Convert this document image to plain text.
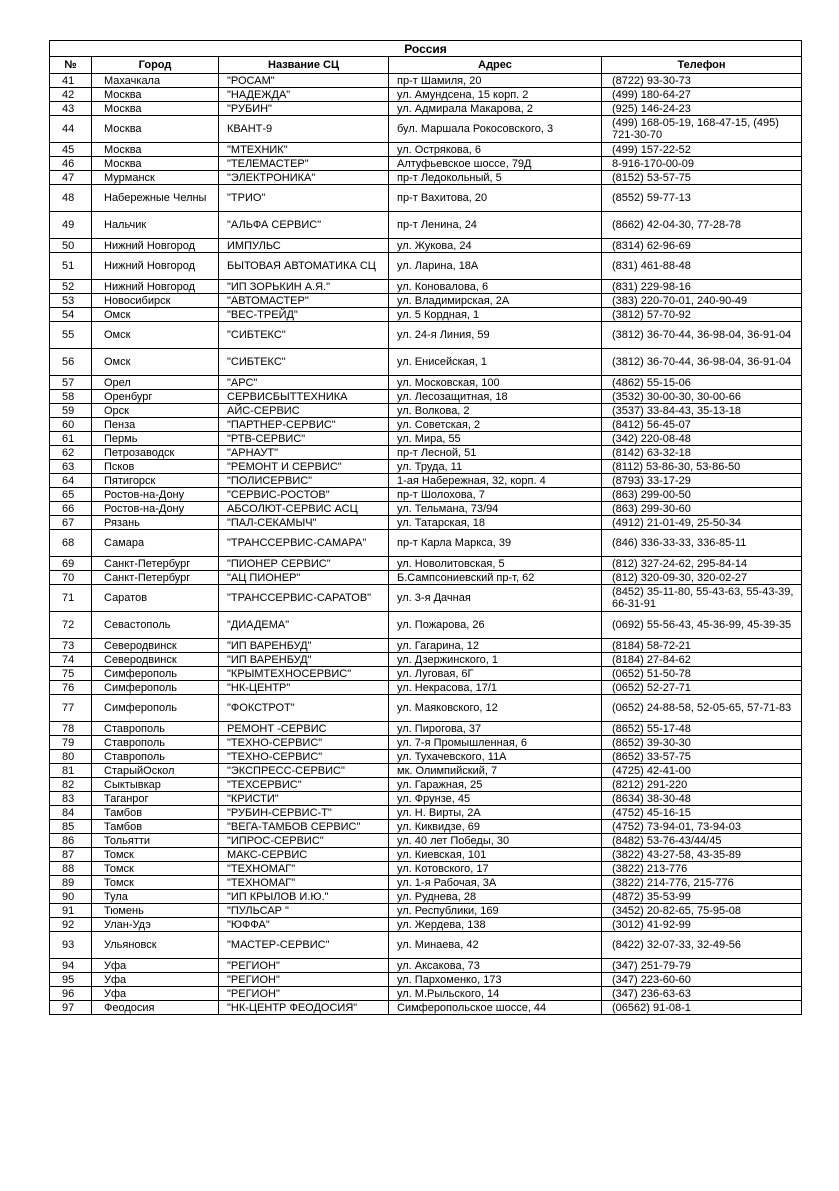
Россия				
№	Город	Название СЦ	Адрес	Телефон
41	Махачкала	"РОСАМ"	пр-т Шамиля, 20	(8722) 93-30-73
42	Москва	"НАДЕЖДА"	ул. Амундсена, 15 корп. 2	(499) 180-64-27
43	Москва	"РУБИН"	ул. Адмирала Макарова, 2	(925) 146-24-23
44	Москва	КВАНТ-9	бул. Маршала Рокосовского, 3	(499) 168-05-19, 168-47-15, (495) 721-30-70
45	Москва	"МТЕХНИК"	ул. Острякова, 6	(499) 157-22-52
46	Москва	"ТЕЛЕМАСТЕР"	Алтуфьевское шоссе, 79Д	8-916-170-00-09
47	Мурманск	"ЭЛЕКТРОНИКА"	пр-т Ледокольный, 5	(8152) 53-57-75
48	Набережные Челны	"ТРИО"	пр-т Вахитова, 20	(8552) 59-77-13
49	Нальчик	"АЛЬФА СЕРВИС"	пр-т Ленина, 24	(8662) 42-04-30, 77-28-78
50	Нижний Новгород	ИМПУЛЬС	ул. Жукова, 24	(8314) 62-96-69
51	Нижний Новгород	БЫТОВАЯ АВТОМАТИКА СЦ	ул. Ларина, 18А	(831) 461-88-48
52	Нижний Новгород	"ИП ЗОРЬКИН А.Я."	ул. Коновалова, 6	(831) 229-98-16
53	Новосибирск	"АВТОМАСТЕР"	ул. Владимирская, 2А	(383) 220-70-01, 240-90-49
54	Омск	"ВЕС-ТРЕЙД"	ул. 5 Кордная, 1	(3812) 57-70-92
55	Омск	"СИБТЕКС"	ул. 24-я Линия, 59	(3812) 36-70-44, 36-98-04, 36-91-04
56	Омск	"СИБТЕКС"	ул. Енисейская, 1	(3812) 36-70-44, 36-98-04, 36-91-04
57	Орел	"АРС"	ул. Московская, 100	(4862) 55-15-06
58	Оренбург	СЕРВИСБЫТТЕХНИКА	ул. Лесозащитная, 18	(3532) 30-00-30, 30-00-66
59	Орск	АЙС-СЕРВИС	ул. Волкова, 2	(3537) 33-84-43, 35-13-18
60	Пенза	"ПАРТНЕР-СЕРВИС"	ул. Советская, 2	(8412) 56-45-07
61	Пермь	"РТВ-СЕРВИС"	ул. Мира, 55	(342) 220-08-48
62	Петрозаводск	"АРНАУТ"	пр-т Лесной, 51	(8142) 63-32-18
63	Псков	"РЕМОНТ И СЕРВИС"	ул. Труда, 11	(8112) 53-86-30, 53-86-50
64	Пятигорск	"ПОЛИСЕРВИС"	1-ая Набережная, 32, корп. 4	(8793) 33-17-29
65	Ростов-на-Дону	"СЕРВИС-РОСТОВ"	пр-т Шолохова, 7	(863) 299-00-50
66	Ростов-на-Дону	АБСОЛЮТ-СЕРВИС АСЦ	ул. Тельмана, 73/94	(863) 299-30-60
67	Рязань	"ПАЛ-СЕКАМЫЧ"	ул. Татарская, 18	(4912) 21-01-49, 25-50-34
68	Самара	"ТРАНССЕРВИС-САМАРА"	пр-т Карла Маркса, 39	(846) 336-33-33, 336-85-11
69	Санкт-Петербург	"ПИОНЕР СЕРВИС"	ул. Новолитовская, 5	(812) 327-24-62, 295-84-14
70	Санкт-Петербург	"АЦ ПИОНЕР"	Б.Сампсониевский пр-т, 62	(812) 320-09-30, 320-02-27
71	Саратов	"ТРАНССЕРВИС-САРАТОВ"	ул. 3-я Дачная	(8452) 35-11-80, 55-43-63, 55-43-39, 66-31-91
72	Севастополь	"ДИАДЕМА"	ул. Пожарова, 26	(0692) 55-56-43, 45-36-99, 45-39-35
73	Северодвинск	"ИП ВАРЕНБУД"	ул. Гагарина, 12	(8184) 58-72-21
74	Северодвинск	"ИП ВАРЕНБУД"	ул. Дзержинского, 1	(8184) 27-84-62
75	Симферополь	"КРЫМТЕХНОСЕРВИС"	ул. Луговая, 6Г	(0652) 51-50-78
76	Симферополь	"НК-ЦЕНТР"	ул. Некрасова, 17/1	(0652) 52-27-71
77	Симферополь	"ФОКСТРОТ"	ул. Маяковского, 12	(0652) 24-88-58, 52-05-65, 57-71-83
78	Ставрополь	РЕМОНТ -СЕРВИС	ул. Пирогова, 37	(8652) 55-17-48
79	Ставрополь	"ТЕХНО-СЕРВИС"	ул. 7-я Промышленная, 6	(8652) 39-30-30
80	Ставрополь	"ТЕХНО-СЕРВИС"	ул. Тухачевского, 11А	(8652) 33-57-75
81	СтарыйОскол	"ЭКСПРЕСС-СЕРВИС"	мк. Олимпийский, 7	(4725) 42-41-00
82	Сыктывкар	"ТЕХСЕРВИС"	ул. Гаражная, 25	(8212) 291-220
83	Таганрог	"КРИСТИ"	ул. Фрунзе, 45	(8634) 38-30-48
84	Тамбов	"РУБИН-СЕРВИС-Т"	ул. Н. Вирты, 2А	(4752) 45-16-15
85	Тамбов	"ВЕГА-ТАМБОВ СЕРВИС"	ул. Киквидзе, 69	(4752) 73-94-01, 73-94-03
86	Тольятти	"ИПРОС-СЕРВИС"	ул. 40 лет Победы, 30	(8482) 53-76-43/44/45
87	Томск	МАКС-СЕРВИС	ул. Киевская, 101	(3822) 43-27-58, 43-35-89
88	Томск	"ТЕХНОМАГ"	ул. Котовского, 17	(3822) 213-776
89	Томск	"ТЕХНОМАГ"	ул. 1-я Рабочая, 3А	(3822) 214-776, 215-776
90	Тула	"ИП КРЫЛОВ И.Ю."	ул. Руднева, 28	(4872) 35-53-99
91	Тюмень	"ПУЛЬСАР "	ул. Республики, 169	(3452) 20-82-65, 75-95-08
92	Улан-Удэ	"ЮФФА"	ул. Жердева, 138	(3012) 41-92-99
93	Ульяновск	"МАСТЕР-СЕРВИС"	ул. Минаева, 42	(8422) 32-07-33, 32-49-56
94	Уфа	"РЕГИОН"	ул. Аксакова, 73	(347) 251-79-79
95	Уфа	"РЕГИОН"	ул. Пархоменко, 173	(347) 223-60-60
96	Уфа	"РЕГИОН"	ул. М.Рыльского, 14	(347) 236-63-63
97	Феодосия	"НК-ЦЕНТР ФЕОДОСИЯ"	Симферопольское шоссе, 44	(06562) 91-08-1
